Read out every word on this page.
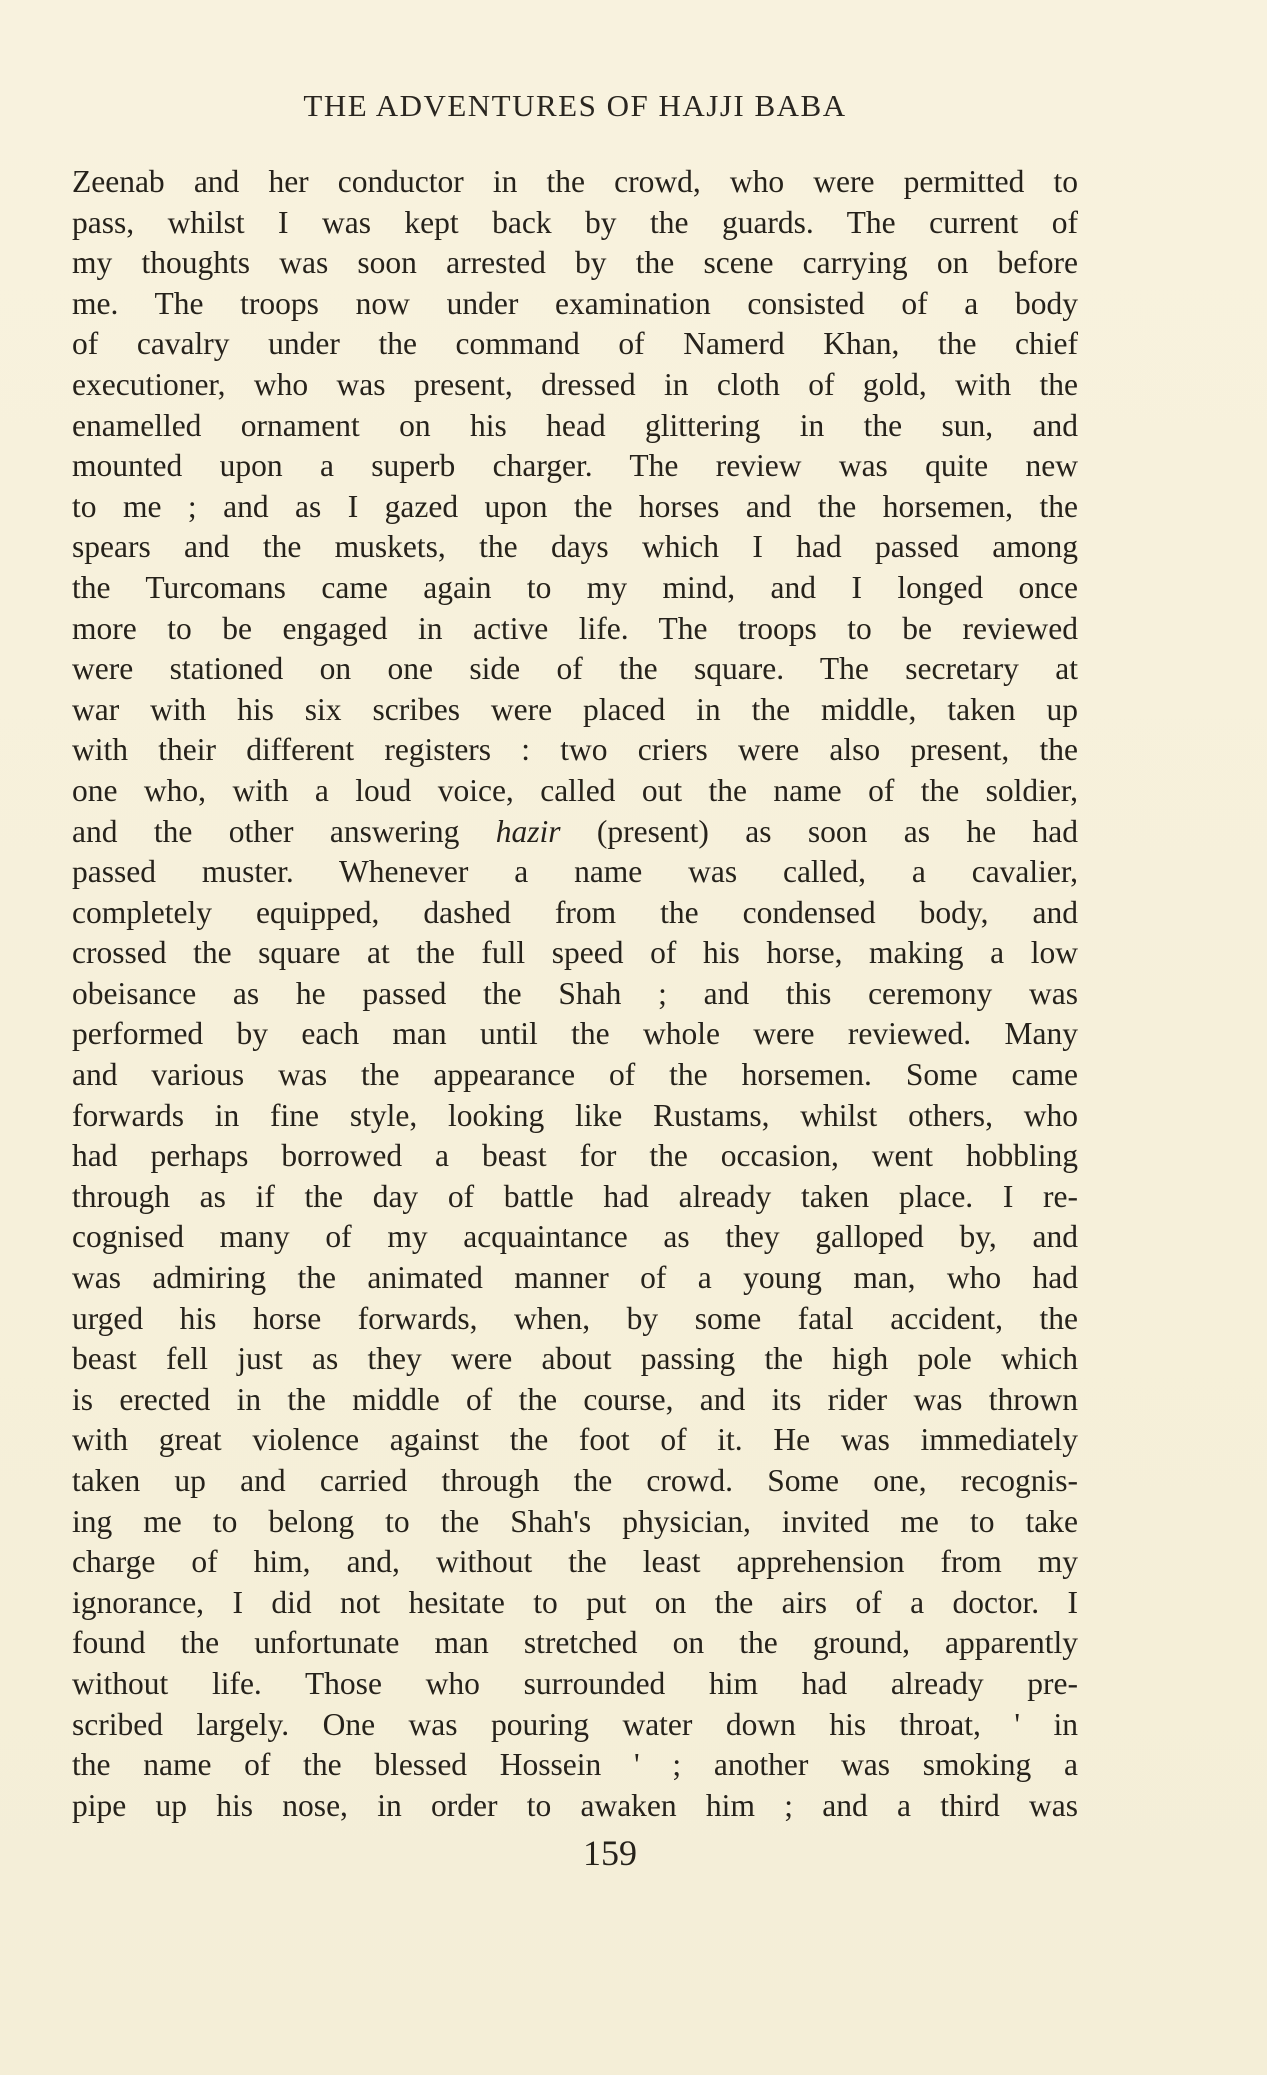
THE ADVENTURES OF HAJJI BABA
Zeenab and her conductor in the crowd, who were permitted to
pass, whilst I was kept back by the guards. The current of
my thoughts was soon arrested by the scene carrying on before
me. The troops now under examination consisted of a body
of cavalry under the command of Namerd Khan, the chief
executioner, who was present, dressed in cloth of gold, with the
enamelled ornament on his head glittering in the sun, and
mounted upon a superb charger. The review was quite new
to me ; and as I gazed upon the horses and the horsemen, the
spears and the muskets, the days which I had passed among
the Turcomans came again to my mind, and I longed once
more to be engaged in active life. The troops to be reviewed
were stationed on one side of the square. The secretary at
war with his six scribes were placed in the middle, taken up
with their different registers : two criers were also present, the
one who, with a loud voice, called out the name of the soldier,
and the other answering hazir (present) as soon as he had
passed muster. Whenever a name was called, a cavalier,
completely equipped, dashed from the condensed body, and
crossed the square at the full speed of his horse, making a low
obeisance as he passed the Shah ; and this ceremony was
performed by each man until the whole were reviewed. Many
and various was the appearance of the horsemen. Some came
forwards in fine style, looking like Rustams, whilst others, who
had perhaps borrowed a beast for the occasion, went hobbling
through as if the day of battle had already taken place. I re-
cognised many of my acquaintance as they galloped by, and
was admiring the animated manner of a young man, who had
urged his horse forwards, when, by some fatal accident, the
beast fell just as they were about passing the high pole which
is erected in the middle of the course, and its rider was thrown
with great violence against the foot of it. He was immediately
taken up and carried through the crowd. Some one, recognis-
ing me to belong to the Shah's physician, invited me to take
charge of him, and, without the least apprehension from my
ignorance, I did not hesitate to put on the airs of a doctor. I
found the unfortunate man stretched on the ground, apparently
without life. Those who surrounded him had already pre-
scribed largely. One was pouring water down his throat, ' in
the name of the blessed Hossein ' ; another was smoking a
pipe up his nose, in order to awaken him ; and a third was
159
